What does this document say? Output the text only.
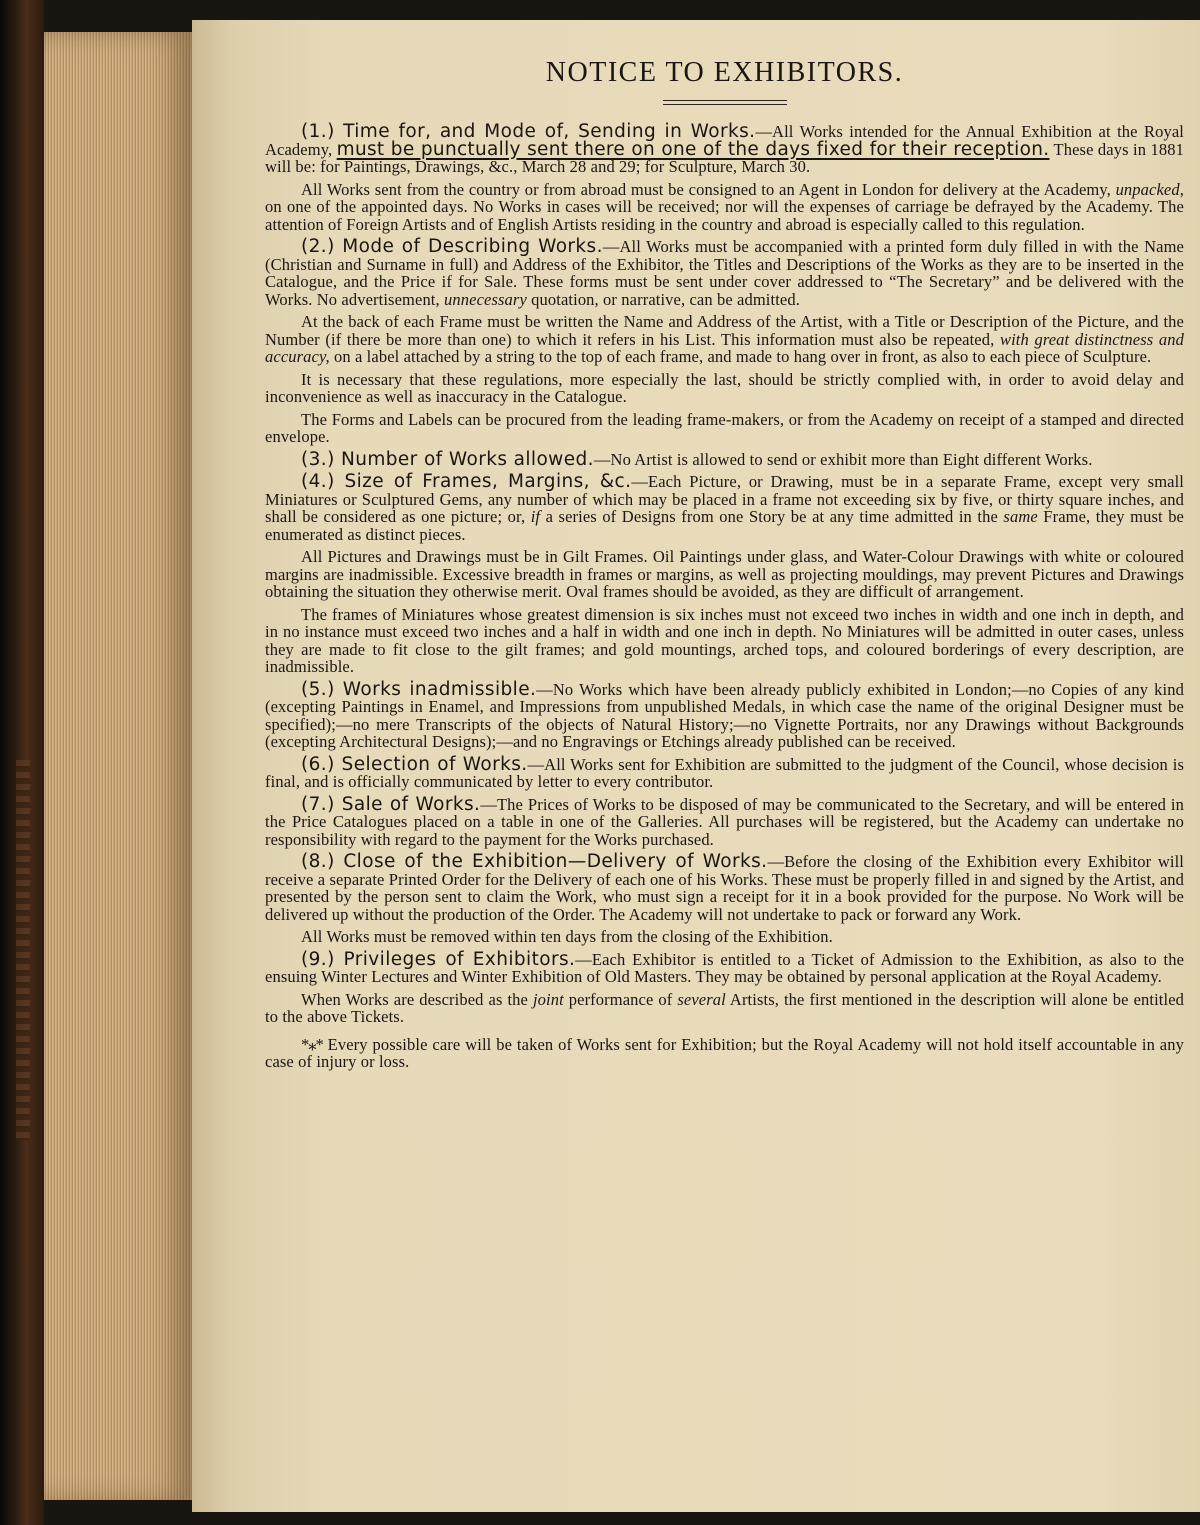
NOTICE TO EXHIBITORS.

(1.) Time for, and Mode of, Sending in Works.—All Works intended for the Annual Exhibition at the Royal Academy, must be punctually sent there on one of the days fixed for their reception. These days in 1881 will be: for Paintings, Drawings, &c., March 28 and 29; for Sculpture, March 30.

All Works sent from the country or from abroad must be consigned to an Agent in London for delivery at the Academy, unpacked, on one of the appointed days. No Works in cases will be received; nor will the expenses of carriage be defrayed by the Academy. The attention of Foreign Artists and of English Artists residing in the country and abroad is especially called to this regulation.

(2.) Mode of Describing Works.—All Works must be accompanied with a printed form duly filled in with the Name (Christian and Surname in full) and Address of the Exhibitor, the Titles and Descriptions of the Works as they are to be inserted in the Catalogue, and the Price if for Sale. These forms must be sent under cover addressed to “The Secretary” and be delivered with the Works. No advertisement, unnecessary quotation, or narrative, can be admitted.

At the back of each Frame must be written the Name and Address of the Artist, with a Title or Description of the Picture, and the Number (if there be more than one) to which it refers in his List. This information must also be repeated, with great distinctness and accuracy, on a label attached by a string to the top of each frame, and made to hang over in front, as also to each piece of Sculpture.

It is necessary that these regulations, more especially the last, should be strictly complied with, in order to avoid delay and inconvenience as well as inaccuracy in the Catalogue.

The Forms and Labels can be procured from the leading frame-makers, or from the Academy on receipt of a stamped and directed envelope.

(3.) Number of Works allowed.—No Artist is allowed to send or exhibit more than Eight different Works.

(4.) Size of Frames, Margins, &c.—Each Picture, or Drawing, must be in a separate Frame, except very small Miniatures or Sculptured Gems, any number of which may be placed in a frame not exceeding six by five, or thirty square inches, and shall be considered as one picture; or, if a series of Designs from one Story be at any time admitted in the same Frame, they must be enumerated as distinct pieces.

All Pictures and Drawings must be in Gilt Frames. Oil Paintings under glass, and Water-Colour Drawings with white or coloured margins are inadmissible. Excessive breadth in frames or margins, as well as projecting mouldings, may prevent Pictures and Drawings obtaining the situation they otherwise merit. Oval frames should be avoided, as they are difficult of arrangement.

The frames of Miniatures whose greatest dimension is six inches must not exceed two inches in width and one inch in depth, and in no instance must exceed two inches and a half in width and one inch in depth. No Miniatures will be admitted in outer cases, unless they are made to fit close to the gilt frames; and gold mountings, arched tops, and coloured borderings of every description, are inadmissible.

(5.) Works inadmissible.—No Works which have been already publicly exhibited in London;—no Copies of any kind (excepting Paintings in Enamel, and Impressions from unpublished Medals, in which case the name of the original Designer must be specified);—no mere Transcripts of the objects of Natural History;—no Vignette Portraits, nor any Drawings without Backgrounds (excepting Architectural Designs);—and no Engravings or Etchings already published can be received.

(6.) Selection of Works.—All Works sent for Exhibition are submitted to the judgment of the Council, whose decision is final, and is officially communicated by letter to every contributor.

(7.) Sale of Works.—The Prices of Works to be disposed of may be communicated to the Secretary, and will be entered in the Price Catalogues placed on a table in one of the Galleries. All purchases will be registered, but the Academy can undertake no responsibility with regard to the payment for the Works purchased.

(8.) Close of the Exhibition—Delivery of Works.—Before the closing of the Exhibition every Exhibitor will receive a separate Printed Order for the Delivery of each one of his Works. These must be properly filled in and signed by the Artist, and presented by the person sent to claim the Work, who must sign a receipt for it in a book provided for the purpose. No Work will be delivered up without the production of the Order. The Academy will not undertake to pack or forward any Work.

All Works must be removed within ten days from the closing of the Exhibition.

(9.) Privileges of Exhibitors.—Each Exhibitor is entitled to a Ticket of Admission to the Exhibition, as also to the ensuing Winter Lectures and Winter Exhibition of Old Masters. They may be obtained by personal application at the Royal Academy.

When Works are described as the joint performance of several Artists, the first mentioned in the description will alone be entitled to the above Tickets.

*⁎* Every possible care will be taken of Works sent for Exhibition; but the Royal Academy will not hold itself accountable in any case of injury or loss.
